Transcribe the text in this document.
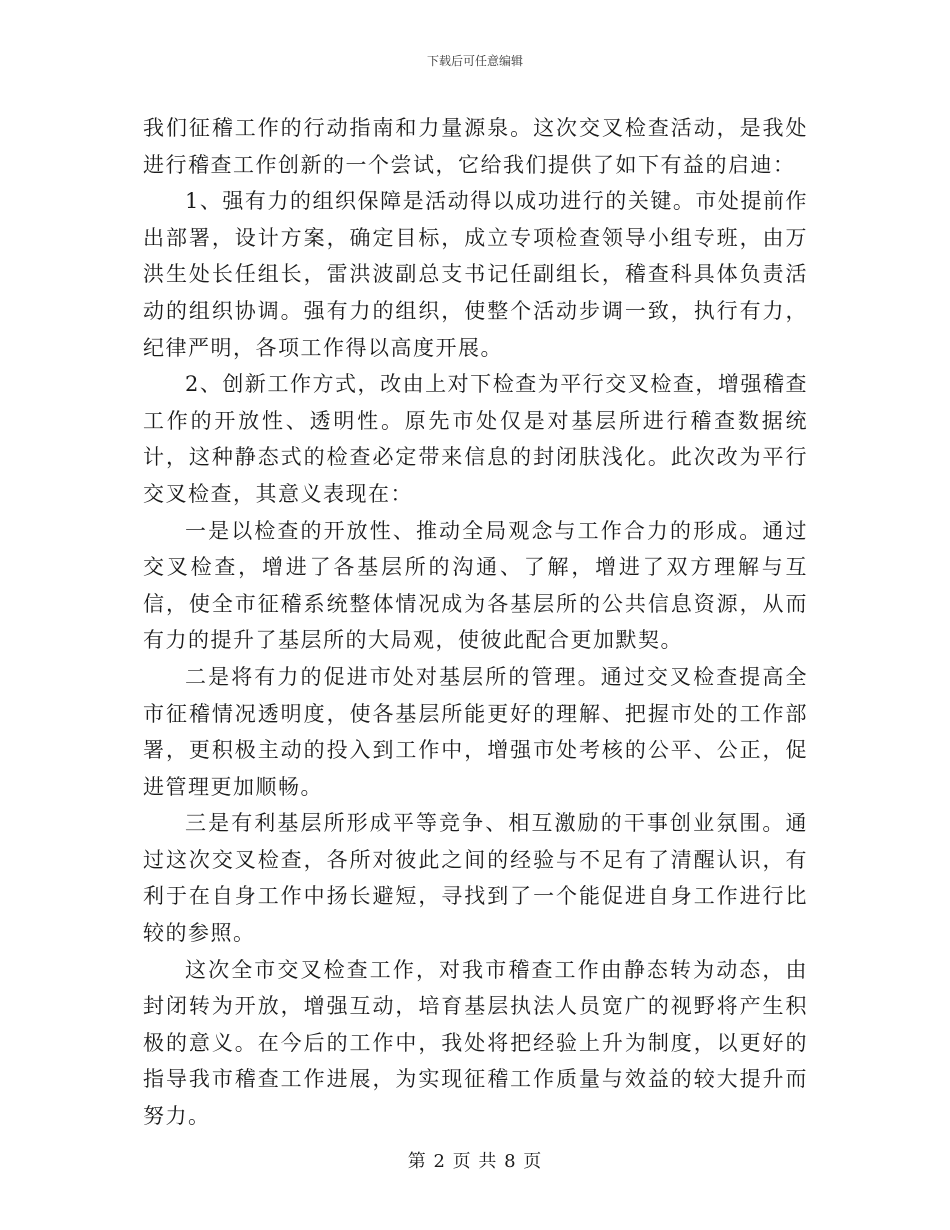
下载后可任意编辑

我们征稽工作的行动指南和力量源泉。这次交叉检查活动，是我处进行稽查工作创新的一个尝试，它给我们提供了如下有益的启迪：

1、强有力的组织保障是活动得以成功进行的关键。市处提前作出部署，设计方案，确定目标，成立专项检查领导小组专班，由万洪生处长任组长，雷洪波副总支书记任副组长，稽查科具体负责活动的组织协调。强有力的组织，使整个活动步调一致，执行有力，纪律严明，各项工作得以高度开展。

2、创新工作方式，改由上对下检查为平行交叉检查，增强稽查工作的开放性、透明性。原先市处仅是对基层所进行稽查数据统计，这种静态式的检查必定带来信息的封闭肤浅化。此次改为平行交叉检查，其意义表现在：

一是以检查的开放性、推动全局观念与工作合力的形成。通过交叉检查，增进了各基层所的沟通、了解，增进了双方理解与互信，使全市征稽系统整体情况成为各基层所的公共信息资源，从而有力的提升了基层所的大局观，使彼此配合更加默契。

二是将有力的促进市处对基层所的管理。通过交叉检查提高全市征稽情况透明度，使各基层所能更好的理解、把握市处的工作部署，更积极主动的投入到工作中，增强市处考核的公平、公正，促进管理更加顺畅。

三是有利基层所形成平等竞争、相互激励的干事创业氛围。通过这次交叉检查，各所对彼此之间的经验与不足有了清醒认识，有利于在自身工作中扬长避短，寻找到了一个能促进自身工作进行比较的参照。

这次全市交叉检查工作，对我市稽查工作由静态转为动态，由封闭转为开放，增强互动，培育基层执法人员宽广的视野将产生积极的意义。在今后的工作中，我处将把经验上升为制度，以更好的指导我市稽查工作进展，为实现征稽工作质量与效益的较大提升而努力。

第 2 页 共 8 页
